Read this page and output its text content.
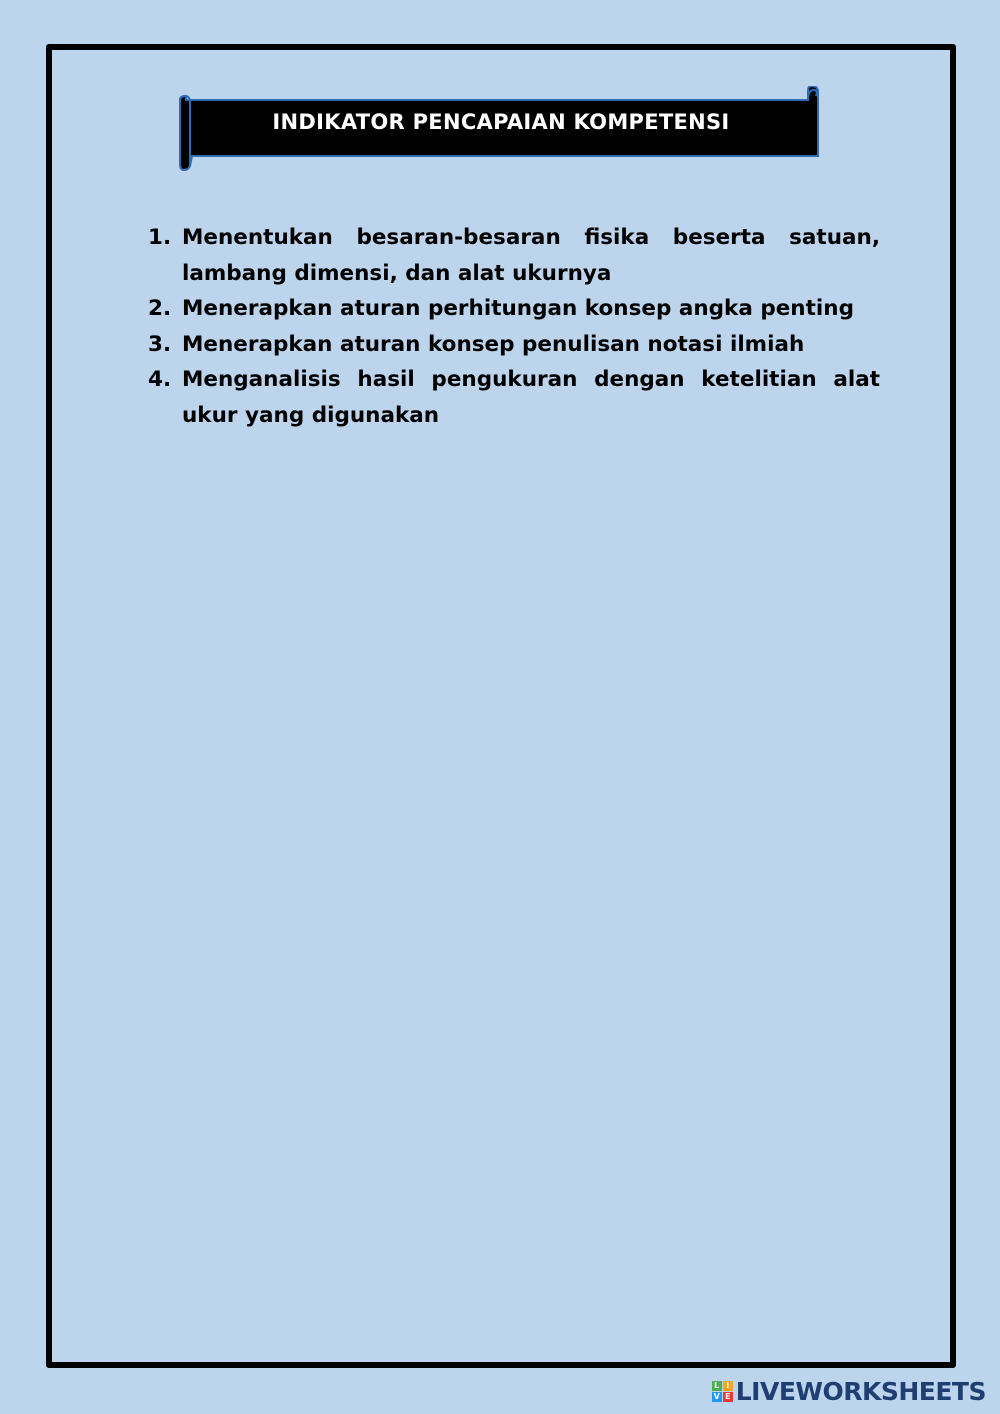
INDIKATOR PENCAPAIAN KOMPETENSI
1. Menentukan besaran-besaran fisika beserta satuan, lambang dimensi, dan alat ukurnya
2. Menerapkan aturan perhitungan konsep angka penting
3. Menerapkan aturan konsep penulisan notasi ilmiah
4. Menganalisis hasil pengukuran dengan ketelitian alat ukur yang digunakan
L I
V E LIVEWORKSHEETS
